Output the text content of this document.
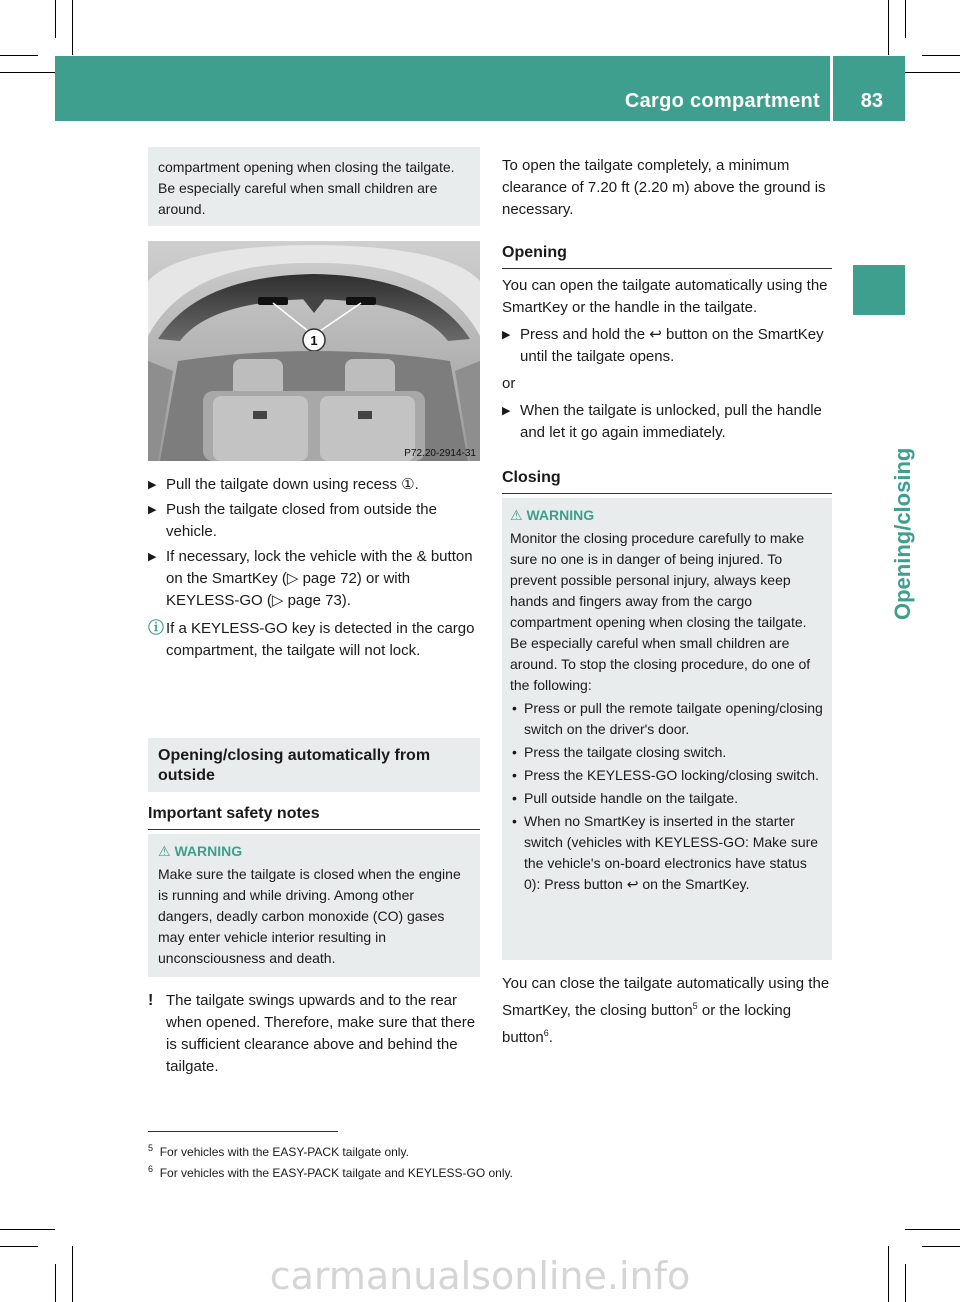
Cargo compartment 83
Opening/closing

compartment opening when closing the tailgate. Be especially careful when small children are around.

1
P72.20-2914-31
▶ Pull the tailgate down using recess ①.
▶ Push the tailgate closed from outside the vehicle.
▶ If necessary, lock the vehicle with the & button on the SmartKey (▷ page 72) or with KEYLESS-GO (▷ page 73).
ⓘ If a KEYLESS-GO key is detected in the cargo compartment, the tailgate will not lock.
Opening/closing automatically from outside
Important safety notes
⚠ WARNING
Make sure the tailgate is closed when the engine is running and while driving. Among other dangers, deadly carbon monoxide (CO) gases may enter vehicle interior resulting in unconsciousness and death.
! The tailgate swings upwards and to the rear when opened. Therefore, make sure that there is sufficient clearance above and behind the tailgate.
To open the tailgate completely, a minimum clearance of 7.20 ft (2.20 m) above the ground is necessary.
Opening

You can open the tailgate automatically using the SmartKey or the handle in the tailgate.

▶ Press and hold the ↩ button on the SmartKey until the tailgate opens.

or

▶ When the tailgate is unlocked, pull the handle and let it go again immediately.
Closing
⚠ WARNING
Monitor the closing procedure carefully to make sure no one is in danger of being injured. To prevent possible personal injury, always keep hands and fingers away from the cargo compartment opening when closing the tailgate. Be especially careful when small children are around. To stop the closing procedure, do one of the following:
• Press or pull the remote tailgate opening/closing switch on the driver's door.
• Press the tailgate closing switch.
• Press the KEYLESS-GO locking/closing switch.
• Pull outside handle on the tailgate.
• When no SmartKey is inserted in the starter switch (vehicles with KEYLESS-GO: Make sure the vehicle's on-board electronics have status 0): Press button ↩ on the SmartKey.
You can close the tailgate automatically using the SmartKey, the closing button$^5$ or the locking button$^6$.
$^5$ For vehicles with the EASY-PACK tailgate only.
$^6$ For vehicles with the EASY-PACK tailgate and KEYLESS-GO only.
carmanualsonline.info
